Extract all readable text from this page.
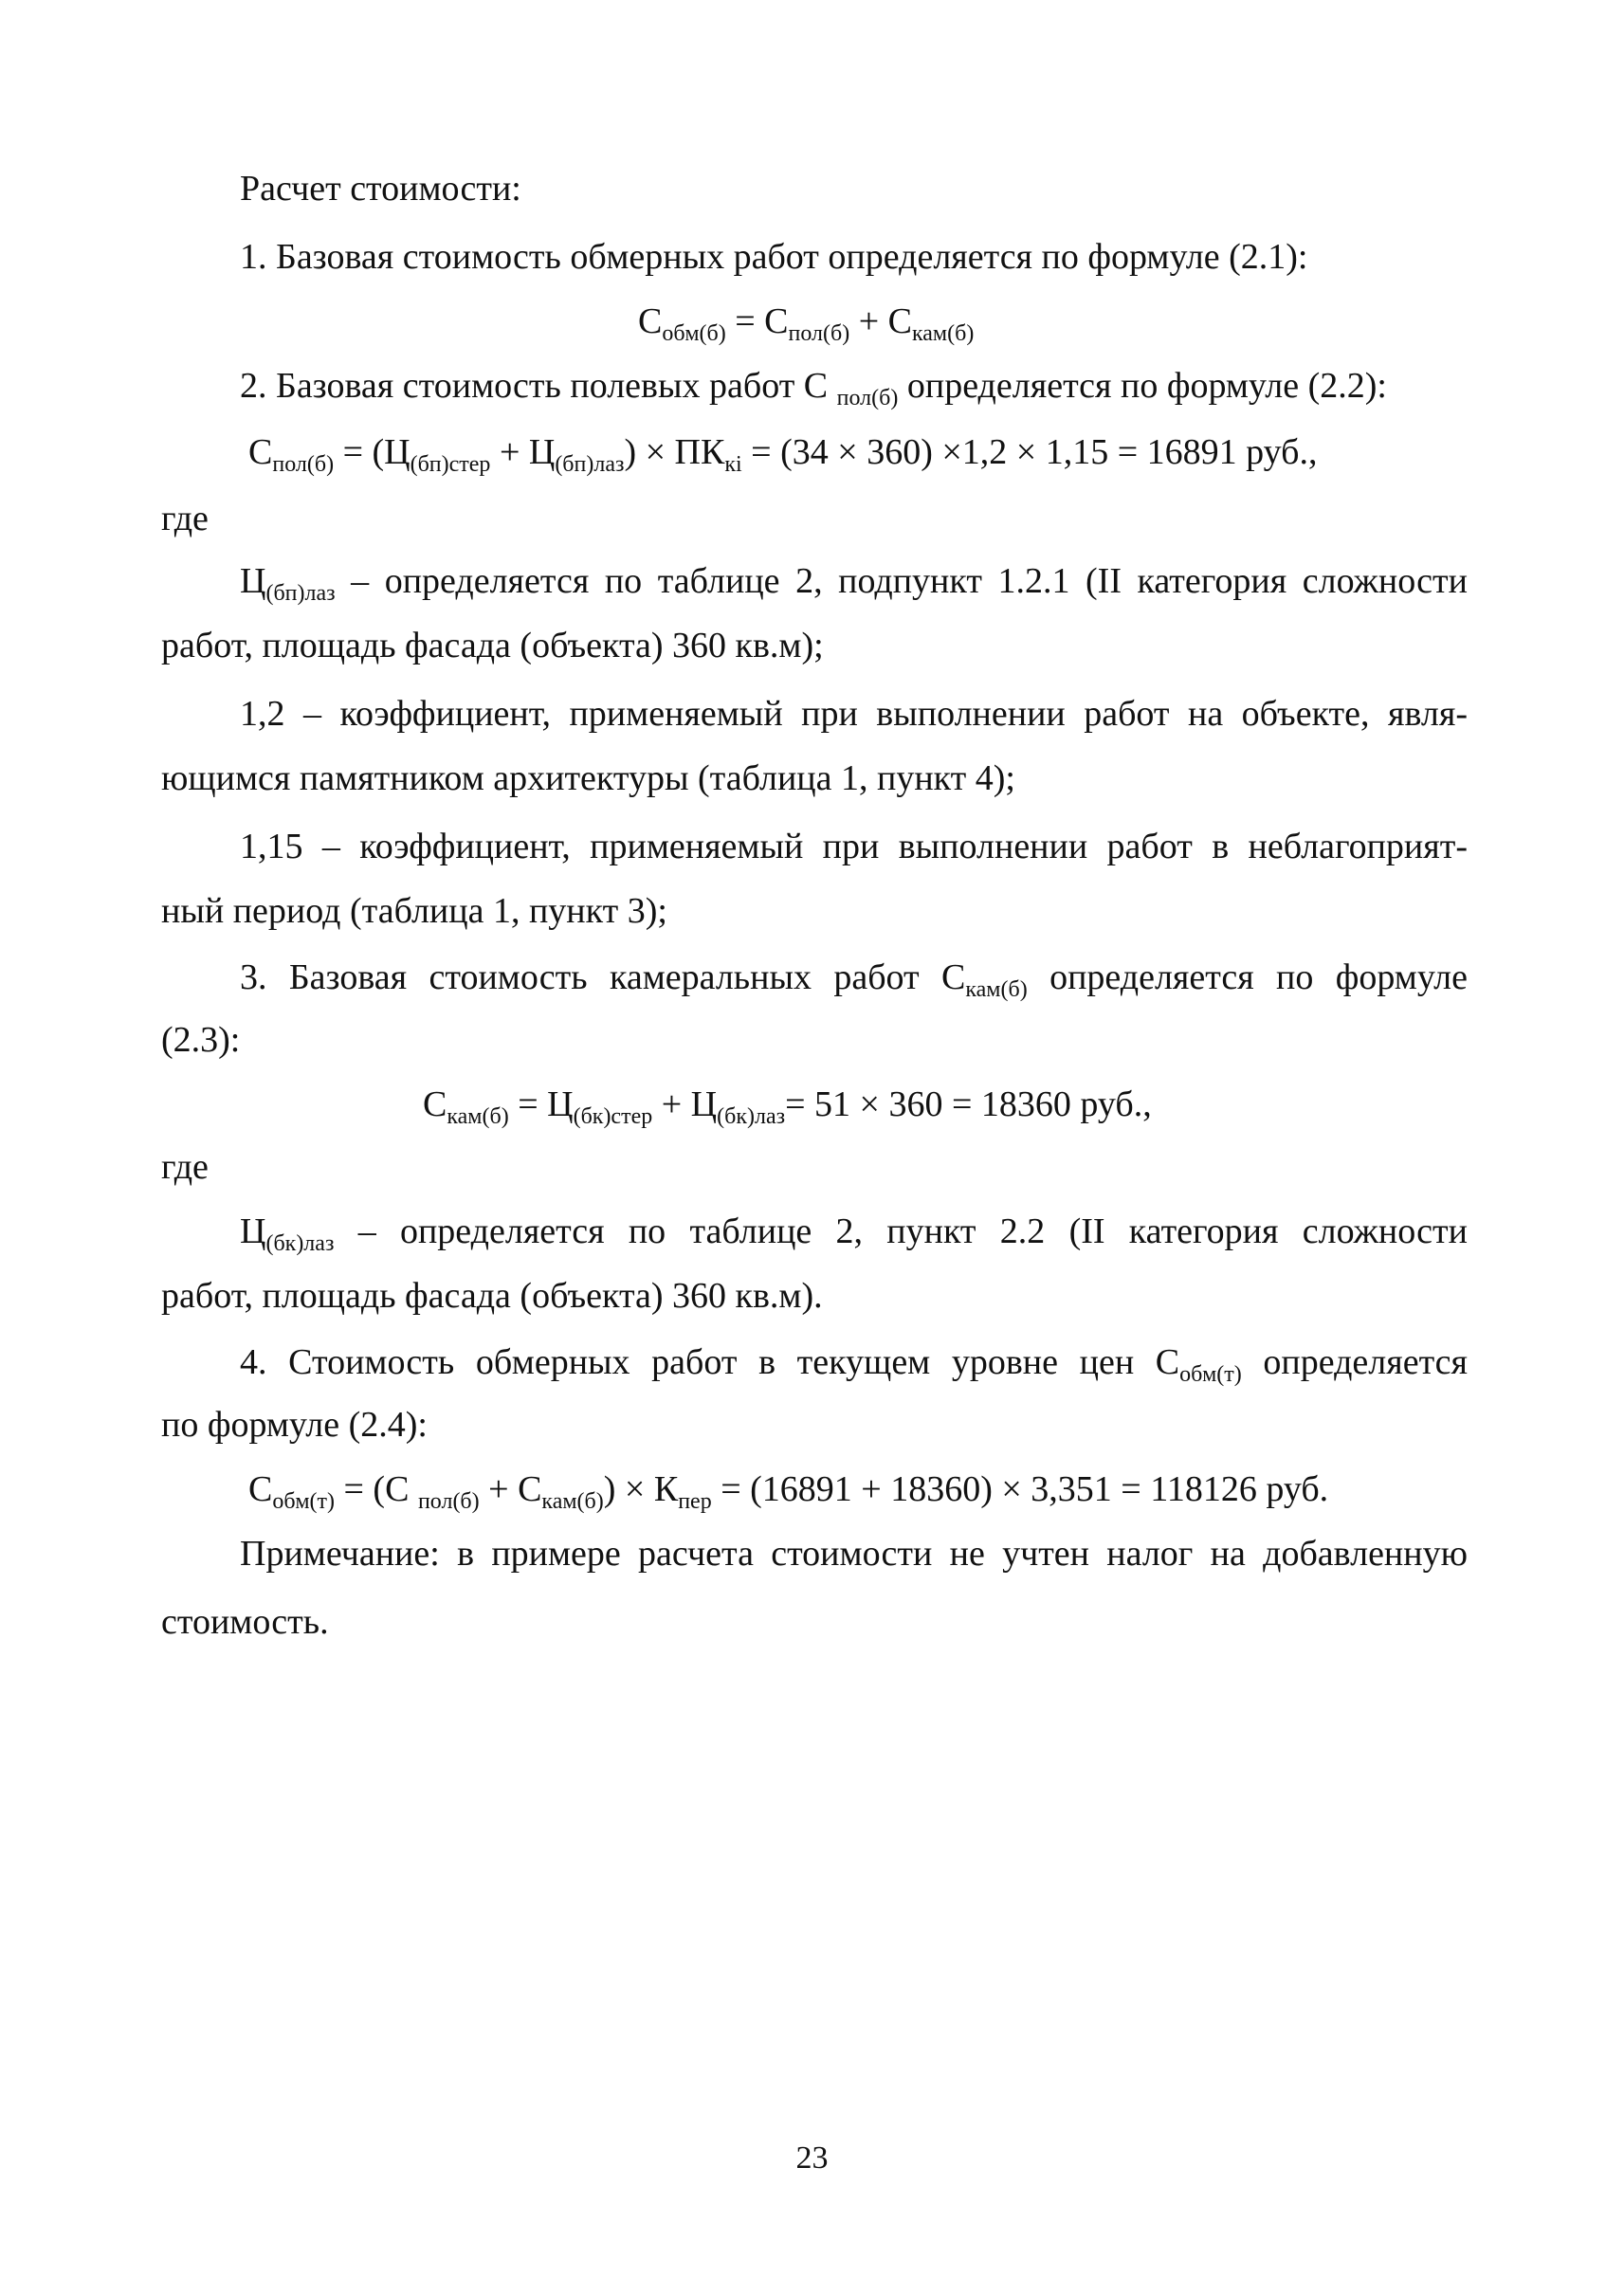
Расчет стоимости:
1. Базовая стоимость обмерных работ определяется по формуле (2.1):
$С_{обм(б)} = С_{пол(б)} + С_{кам(б)}$
2. Базовая стоимость полевых работ С $_{пол(б)}$ определяется по формуле (2.2):
$С_{пол(б)} = (Ц_{(бп)стер} + Ц_{(бп)лаз}) \times ПК_{кi} = (34 \times 360) \times 1,2 \times 1,15 = 16891$ руб.,
где
$Ц_{(бп)лаз}$ – определяется по таблице 2, подпункт 1.2.1 (II категория сложности
работ, площадь фасада (объекта) 360 кв.м);
1,2 – коэффициент, применяемый при выполнении работ на объекте, явля-
ющимся памятником архитектуры (таблица 1, пункт 4);
1,15 – коэффициент, применяемый при выполнении работ в неблагоприят-
ный период (таблица 1, пункт 3);
3. Базовая стоимость камеральных работ $С_{кам(б)}$ определяется по формуле
(2.3):
$С_{кам(б)} = Ц_{(бк)стер} + Ц_{(бк)лаз}= 51 \times 360 = 18360$ руб.,
где
$Ц_{(бк)лаз}$ – определяется по таблице 2, пункт 2.2 (II категория сложности
работ, площадь фасада (объекта) 360 кв.м).
4. Стоимость обмерных работ в текущем уровне цен $С_{обм(т)}$ определяется
по формуле (2.4):
$С_{обм(т)} = (С$ $_{пол(б)} + С_{кам(б)}) \times К_{пер} = (16891 + 18360) \times 3,351 = 118126$ руб.
Примечание: в примере расчета стоимости не учтен налог на добавленную
стоимость.
23
